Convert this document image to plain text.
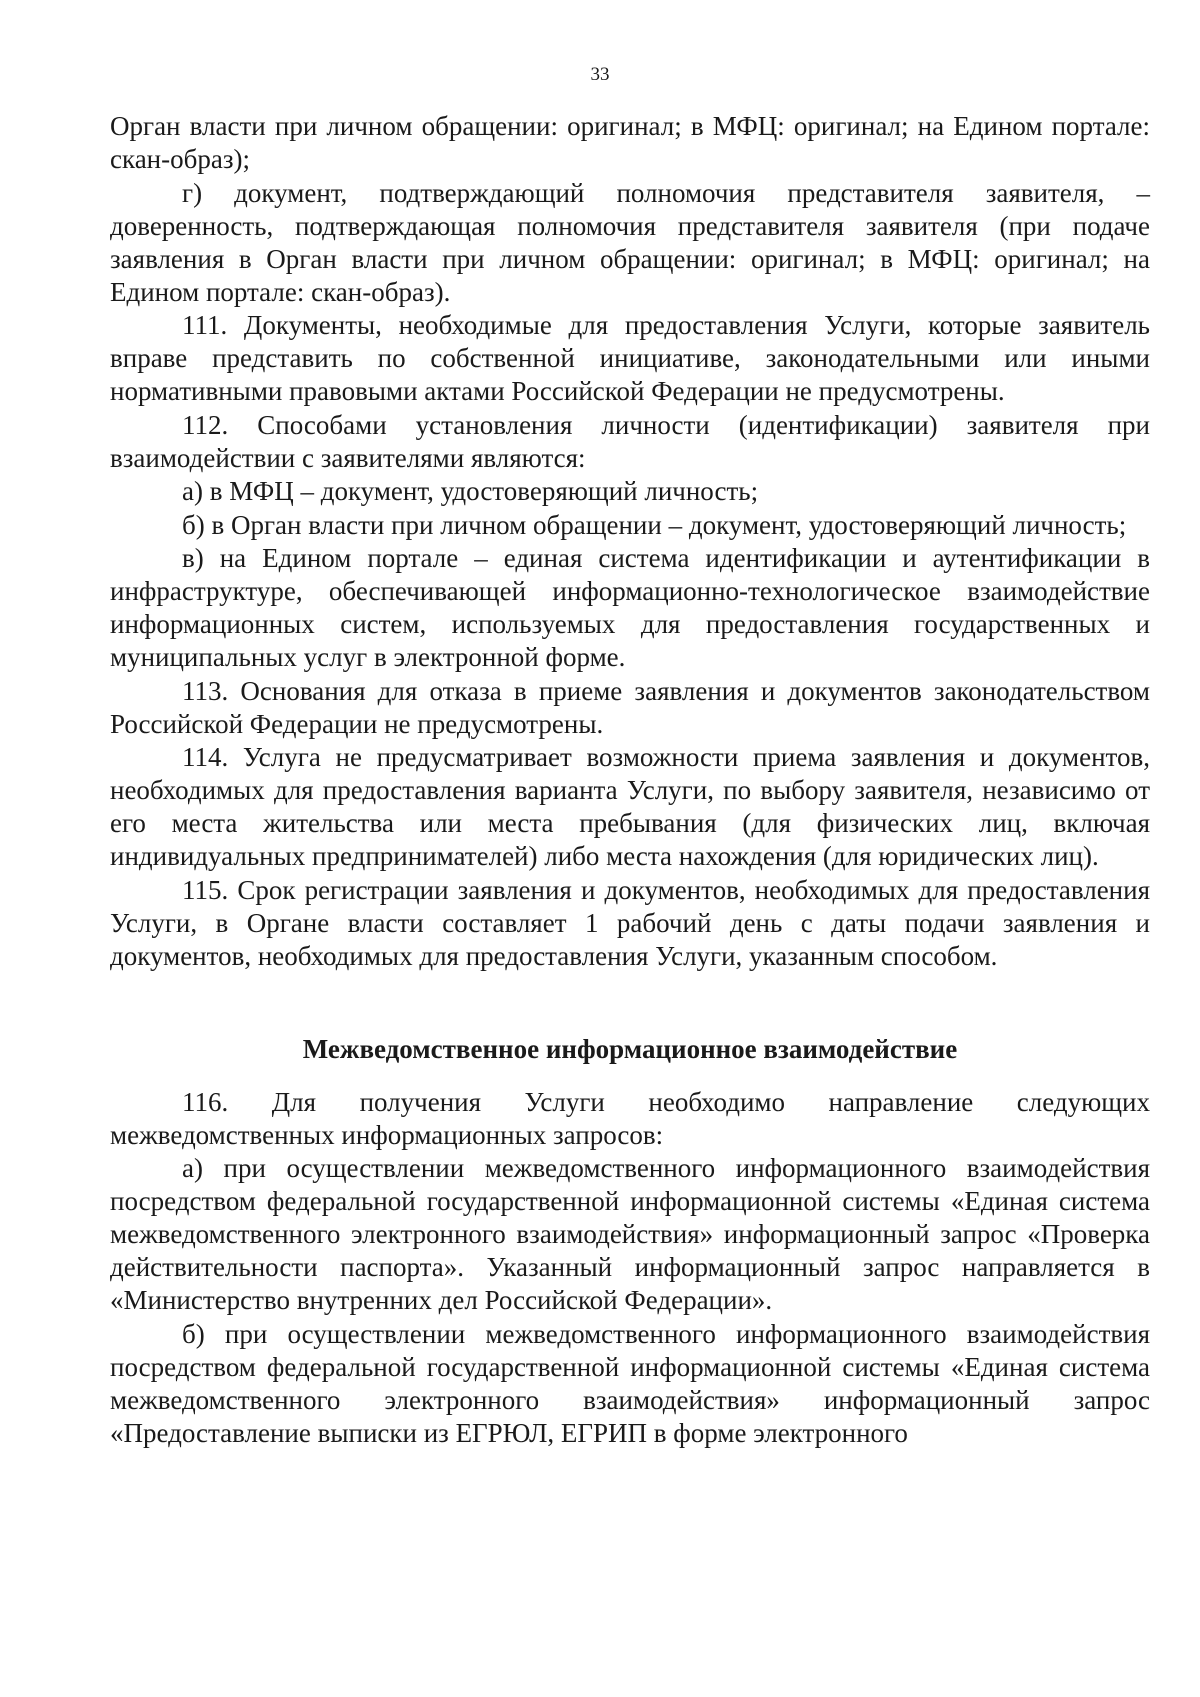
33

Орган власти при личном обращении: оригинал; в МФЦ: оригинал; на Едином портале: скан-образ);

г) документ, подтверждающий полномочия представителя заявителя, – доверенность, подтверждающая полномочия представителя заявителя (при подаче заявления в Орган власти при личном обращении: оригинал; в МФЦ: оригинал; на Едином портале: скан-образ).

111. Документы, необходимые для предоставления Услуги, которые заявитель вправе представить по собственной инициативе, законодательными или иными нормативными правовыми актами Российской Федерации не предусмотрены.

112. Способами установления личности (идентификации) заявителя при взаимодействии с заявителями являются:

а) в МФЦ – документ, удостоверяющий личность;

б) в Орган власти при личном обращении – документ, удостоверяющий личность;

в) на Едином портале – единая система идентификации и аутентификации в инфраструктуре, обеспечивающей информационно-технологическое взаимодействие информационных систем, используемых для предоставления государственных и муниципальных услуг в электронной форме.

113. Основания для отказа в приеме заявления и документов законодательством Российской Федерации не предусмотрены.

114. Услуга не предусматривает возможности приема заявления и документов, необходимых для предоставления варианта Услуги, по выбору заявителя, независимо от его места жительства или места пребывания (для физических лиц, включая индивидуальных предпринимателей) либо места нахождения (для юридических лиц).

115. Срок регистрации заявления и документов, необходимых для предоставления Услуги, в Органе власти составляет 1 рабочий день с даты подачи заявления и документов, необходимых для предоставления Услуги, указанным способом.

Межведомственное информационное взаимодействие

116. Для получения Услуги необходимо направление следующих межведомственных информационных запросов:

а) при осуществлении межведомственного информационного взаимодействия посредством федеральной государственной информационной системы «Единая система межведомственного электронного взаимодействия» информационный запрос «Проверка действительности паспорта». Указанный информационный запрос направляется в «Министерство внутренних дел Российской Федерации».

б) при осуществлении межведомственного информационного взаимодействия посредством федеральной государственной информационной системы «Единая система межведомственного электронного взаимодействия» информационный запрос «Предоставление выписки из ЕГРЮЛ, ЕГРИП в форме электронного
